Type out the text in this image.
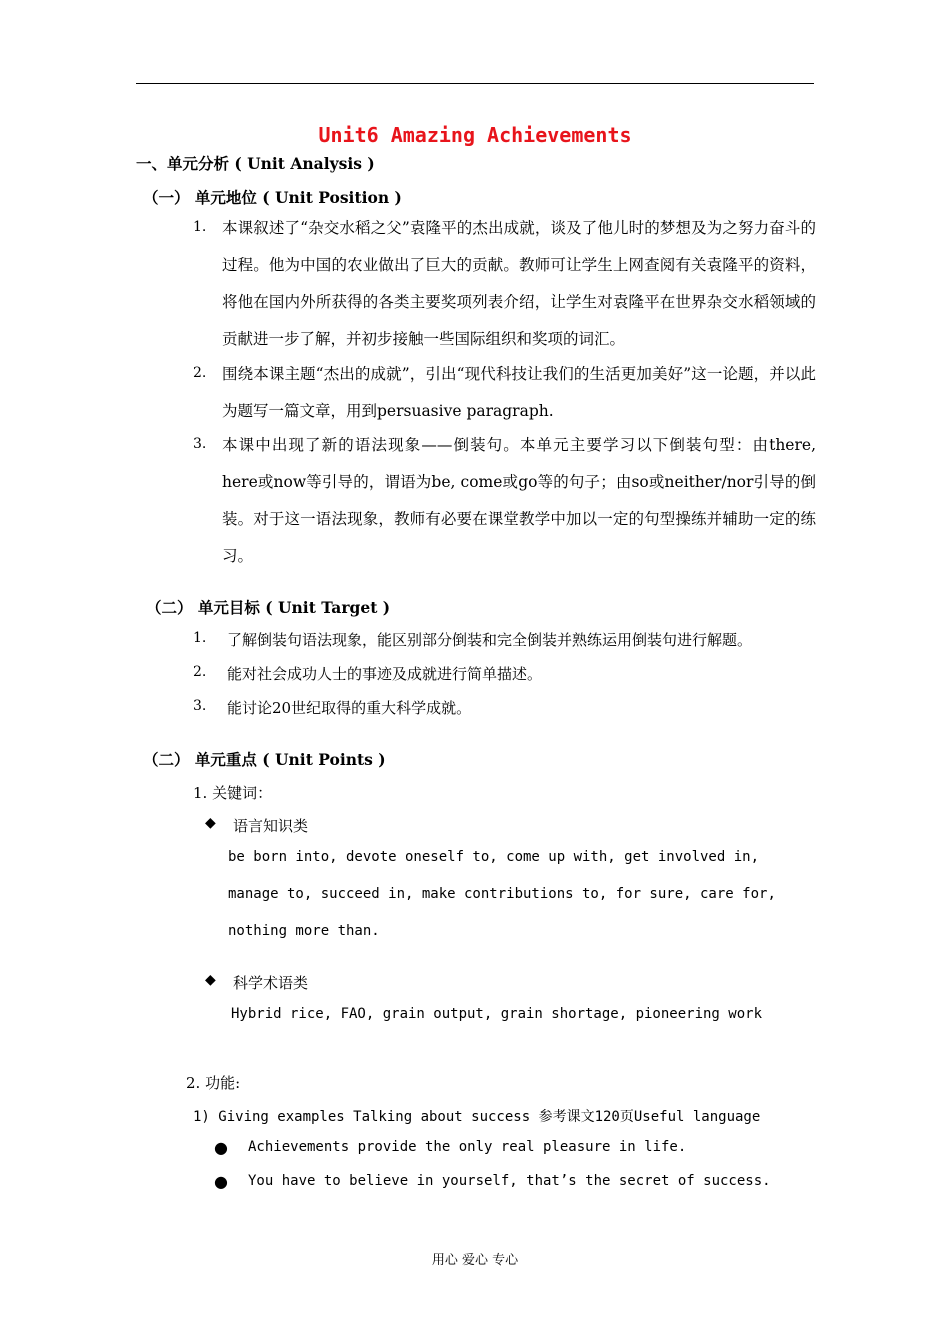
Unit6 Amazing Achievements
一、单元分析 ( Unit Analysis )
（一） 单元地位 ( Unit Position )
1. 本课叙述了“杂交水稻之父”袁隆平的杰出成就，谈及了他儿时的梦想及为之努力奋斗的过程。他为中国的农业做出了巨大的贡献。教师可让学生上网查阅有关袁隆平的资料，将他在国内外所获得的各类主要奖项列表介绍，让学生对袁隆平在世界杂交水稻领域的贡献进一步了解，并初步接触一些国际组织和奖项的词汇。
2. 围绕本课主题“杰出的成就”，引出“现代科技让我们的生活更加美好”这一论题，并以此为题写一篇文章，用到persuasive paragraph.
3. 本课中出现了新的语法现象——倒装句。本单元主要学习以下倒装句型：由there, here或now等引导的，谓语为be, come或go等的句子；由so或neither/nor引导的倒装。对于这一语法现象，教师有必要在课堂教学中加以一定的句型操练并辅助一定的练习。
（二） 单元目标 ( Unit Target )
1. 了解倒装句语法现象，能区别部分倒装和完全倒装并熟练运用倒装句进行解题。
2. 能对社会成功人士的事迹及成就进行简单描述。
3. 能讨论20世纪取得的重大科学成就。
（二） 单元重点 ( Unit Points )
1. 关键词：
◆ 语言知识类
be born into, devote oneself to, come up with, get involved in,
manage to, succeed in, make contributions to, for sure, care for,
nothing more than.
◆ 科学术语类
Hybrid rice, FAO, grain output, grain shortage, pioneering work
2. 功能:
1) Giving examples Talking about success 参考课文120页Useful language
● Achievements provide the only real pleasure in life.
● You have to believe in yourself, that’s the secret of success.
用心 爱心 专心
